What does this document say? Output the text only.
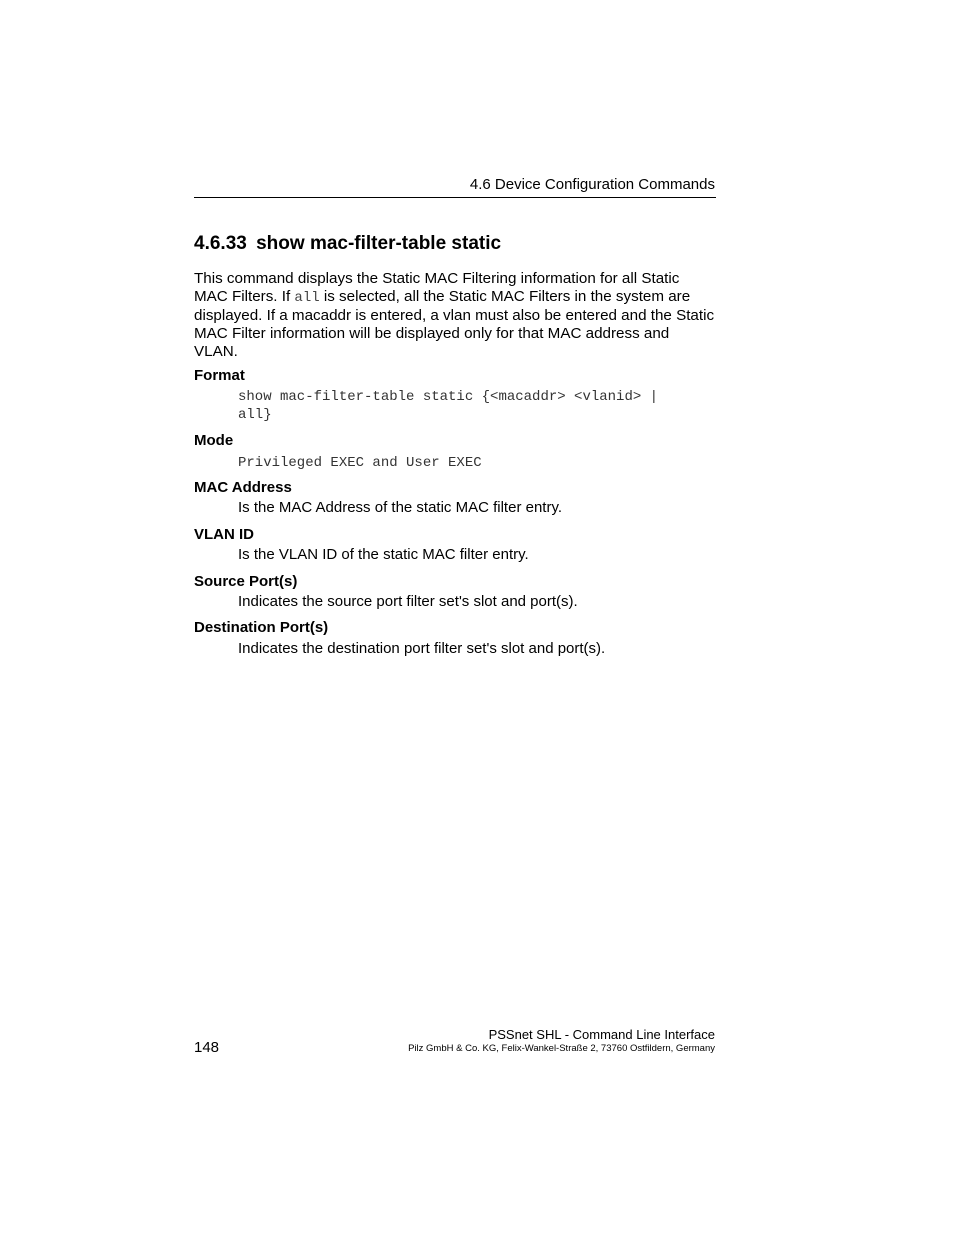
4.6 Device Configuration Commands
4.6.33 show mac-filter-table static
This command displays the Static MAC Filtering information for all Static
MAC Filters. If all is selected, all the Static MAC Filters in the system are
displayed. If a macaddr is entered, a vlan must also be entered and the Static
MAC Filter information will be displayed only for that MAC address and
VLAN.
Format
show mac-filter-table static {<macaddr> <vlanid> |
all}
Mode
Privileged EXEC and User EXEC
MAC Address
Is the MAC Address of the static MAC filter entry.
VLAN ID
Is the VLAN ID of the static MAC filter entry.
Source Port(s)
Indicates the source port filter set's slot and port(s).
Destination Port(s)
Indicates the destination port filter set's slot and port(s).
PSSnet SHL - Command Line Interface
Pilz GmbH & Co. KG, Felix-Wankel-Straße 2, 73760 Ostfildern, Germany
148
